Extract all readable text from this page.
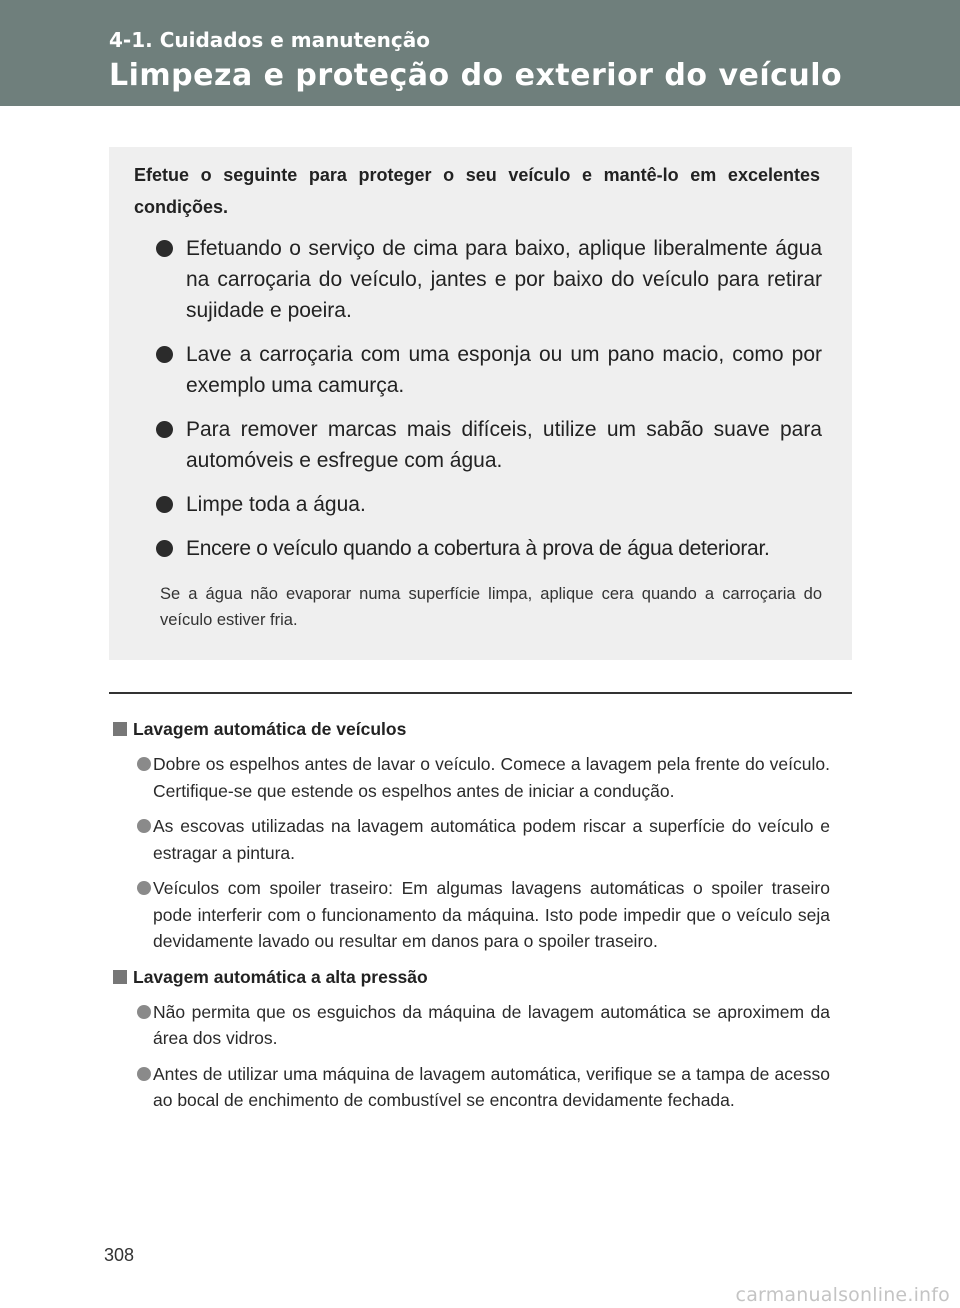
4-1. Cuidados e manutenção
Limpeza e proteção do exterior do veículo
Efetue o seguinte para proteger o seu veículo e mantê-lo em excelentes condições.
Efetuando o serviço de cima para baixo, aplique liberalmente água na carroçaria do veículo, jantes e por baixo do veículo para retirar sujidade e poeira.
Lave a carroçaria com uma esponja ou um pano macio, como por exemplo uma camurça.
Para remover marcas mais difíceis, utilize um sabão suave para automóveis e esfregue com água.
Limpe toda a água.
Encere o veículo quando a cobertura à prova de água deteriorar.
Se a água não evaporar numa superfície limpa, aplique cera quando a carroçaria do veículo estiver fria.
Lavagem automática de veículos
Dobre os espelhos antes de lavar o veículo. Comece a lavagem pela frente do veículo. Certifique-se que estende os espelhos antes de iniciar a condução.
As escovas utilizadas na lavagem automática podem riscar a superfície do veículo e estragar a pintura.
Veículos com spoiler traseiro: Em algumas lavagens automáticas o spoiler traseiro pode interferir com o funcionamento da máquina. Isto pode impedir que o veículo seja devidamente lavado ou resultar em danos para o spoiler traseiro.
Lavagem automática a alta pressão
Não permita que os esguichos da máquina de lavagem automática se aproximem da área dos vidros.
Antes de utilizar uma máquina de lavagem automática, verifique se a tampa de acesso ao bocal de enchimento de combustível se encontra devidamente fechada.
308
carmanualsonline.info
